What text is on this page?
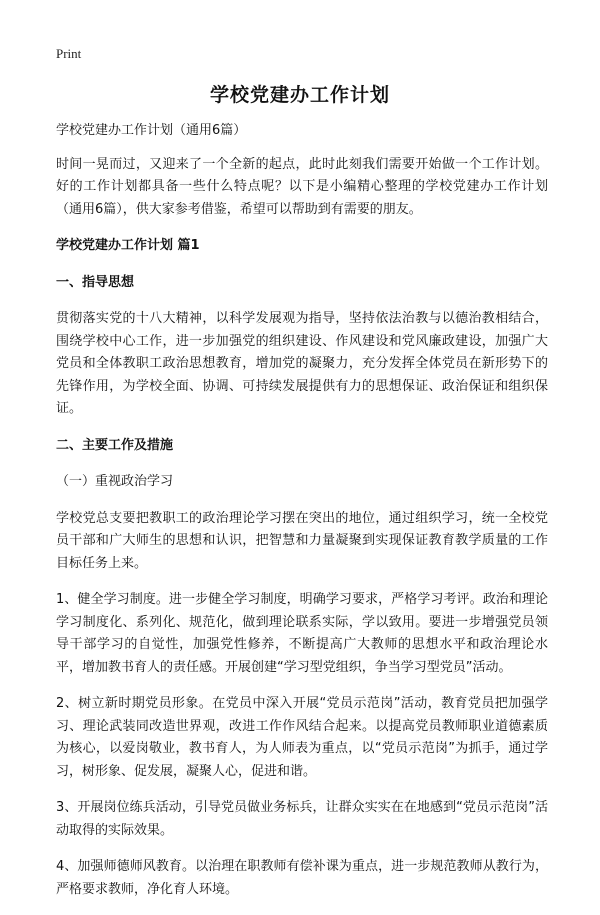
Print
学校党建办工作计划
学校党建办工作计划（通用6篇）
时间一晃而过，又迎来了一个全新的起点，此时此刻我们需要开始做一个工作计划。好的工作计划都具备一些什么特点呢？以下是小编精心整理的学校党建办工作计划（通用6篇），供大家参考借鉴，希望可以帮助到有需要的朋友。
学校党建办工作计划 篇1
一、指导思想
贯彻落实党的十八大精神，以科学发展观为指导，坚持依法治教与以德治教相结合，围绕学校中心工作，进一步加强党的组织建设、作风建设和党风廉政建设，加强广大党员和全体教职工政治思想教育，增加党的凝聚力，充分发挥全体党员在新形势下的先锋作用，为学校全面、协调、可持续发展提供有力的思想保证、政治保证和组织保证。
二、主要工作及措施
（一）重视政治学习
学校党总支要把教职工的政治理论学习摆在突出的地位，通过组织学习，统一全校党员干部和广大师生的思想和认识，把智慧和力量凝聚到实现保证教育教学质量的工作目标任务上来。
1、健全学习制度。进一步健全学习制度，明确学习要求，严格学习考评。政治和理论学习制度化、系列化、规范化，做到理论联系实际，学以致用。要进一步增强党员领导干部学习的自觉性，加强党性修养，不断提高广大教师的思想水平和政治理论水平，增加教书育人的责任感。开展创建“学习型党组织，争当学习型党员”活动。
2、树立新时期党员形象。在党员中深入开展“党员示范岗”活动，教育党员把加强学习、理论武装同改造世界观，改进工作作风结合起来。以提高党员教师职业道德素质为核心，以爱岗敬业，教书育人，为人师表为重点，以“党员示范岗”为抓手，通过学习，树形象、促发展，凝聚人心，促进和谐。
3、开展岗位练兵活动，引导党员做业务标兵，让群众实实在在地感到“党员示范岗”活动取得的实际效果。
4、加强师德师风教育。以治理在职教师有偿补课为重点，进一步规范教师从教行为，严格要求教师，净化育人环境。
